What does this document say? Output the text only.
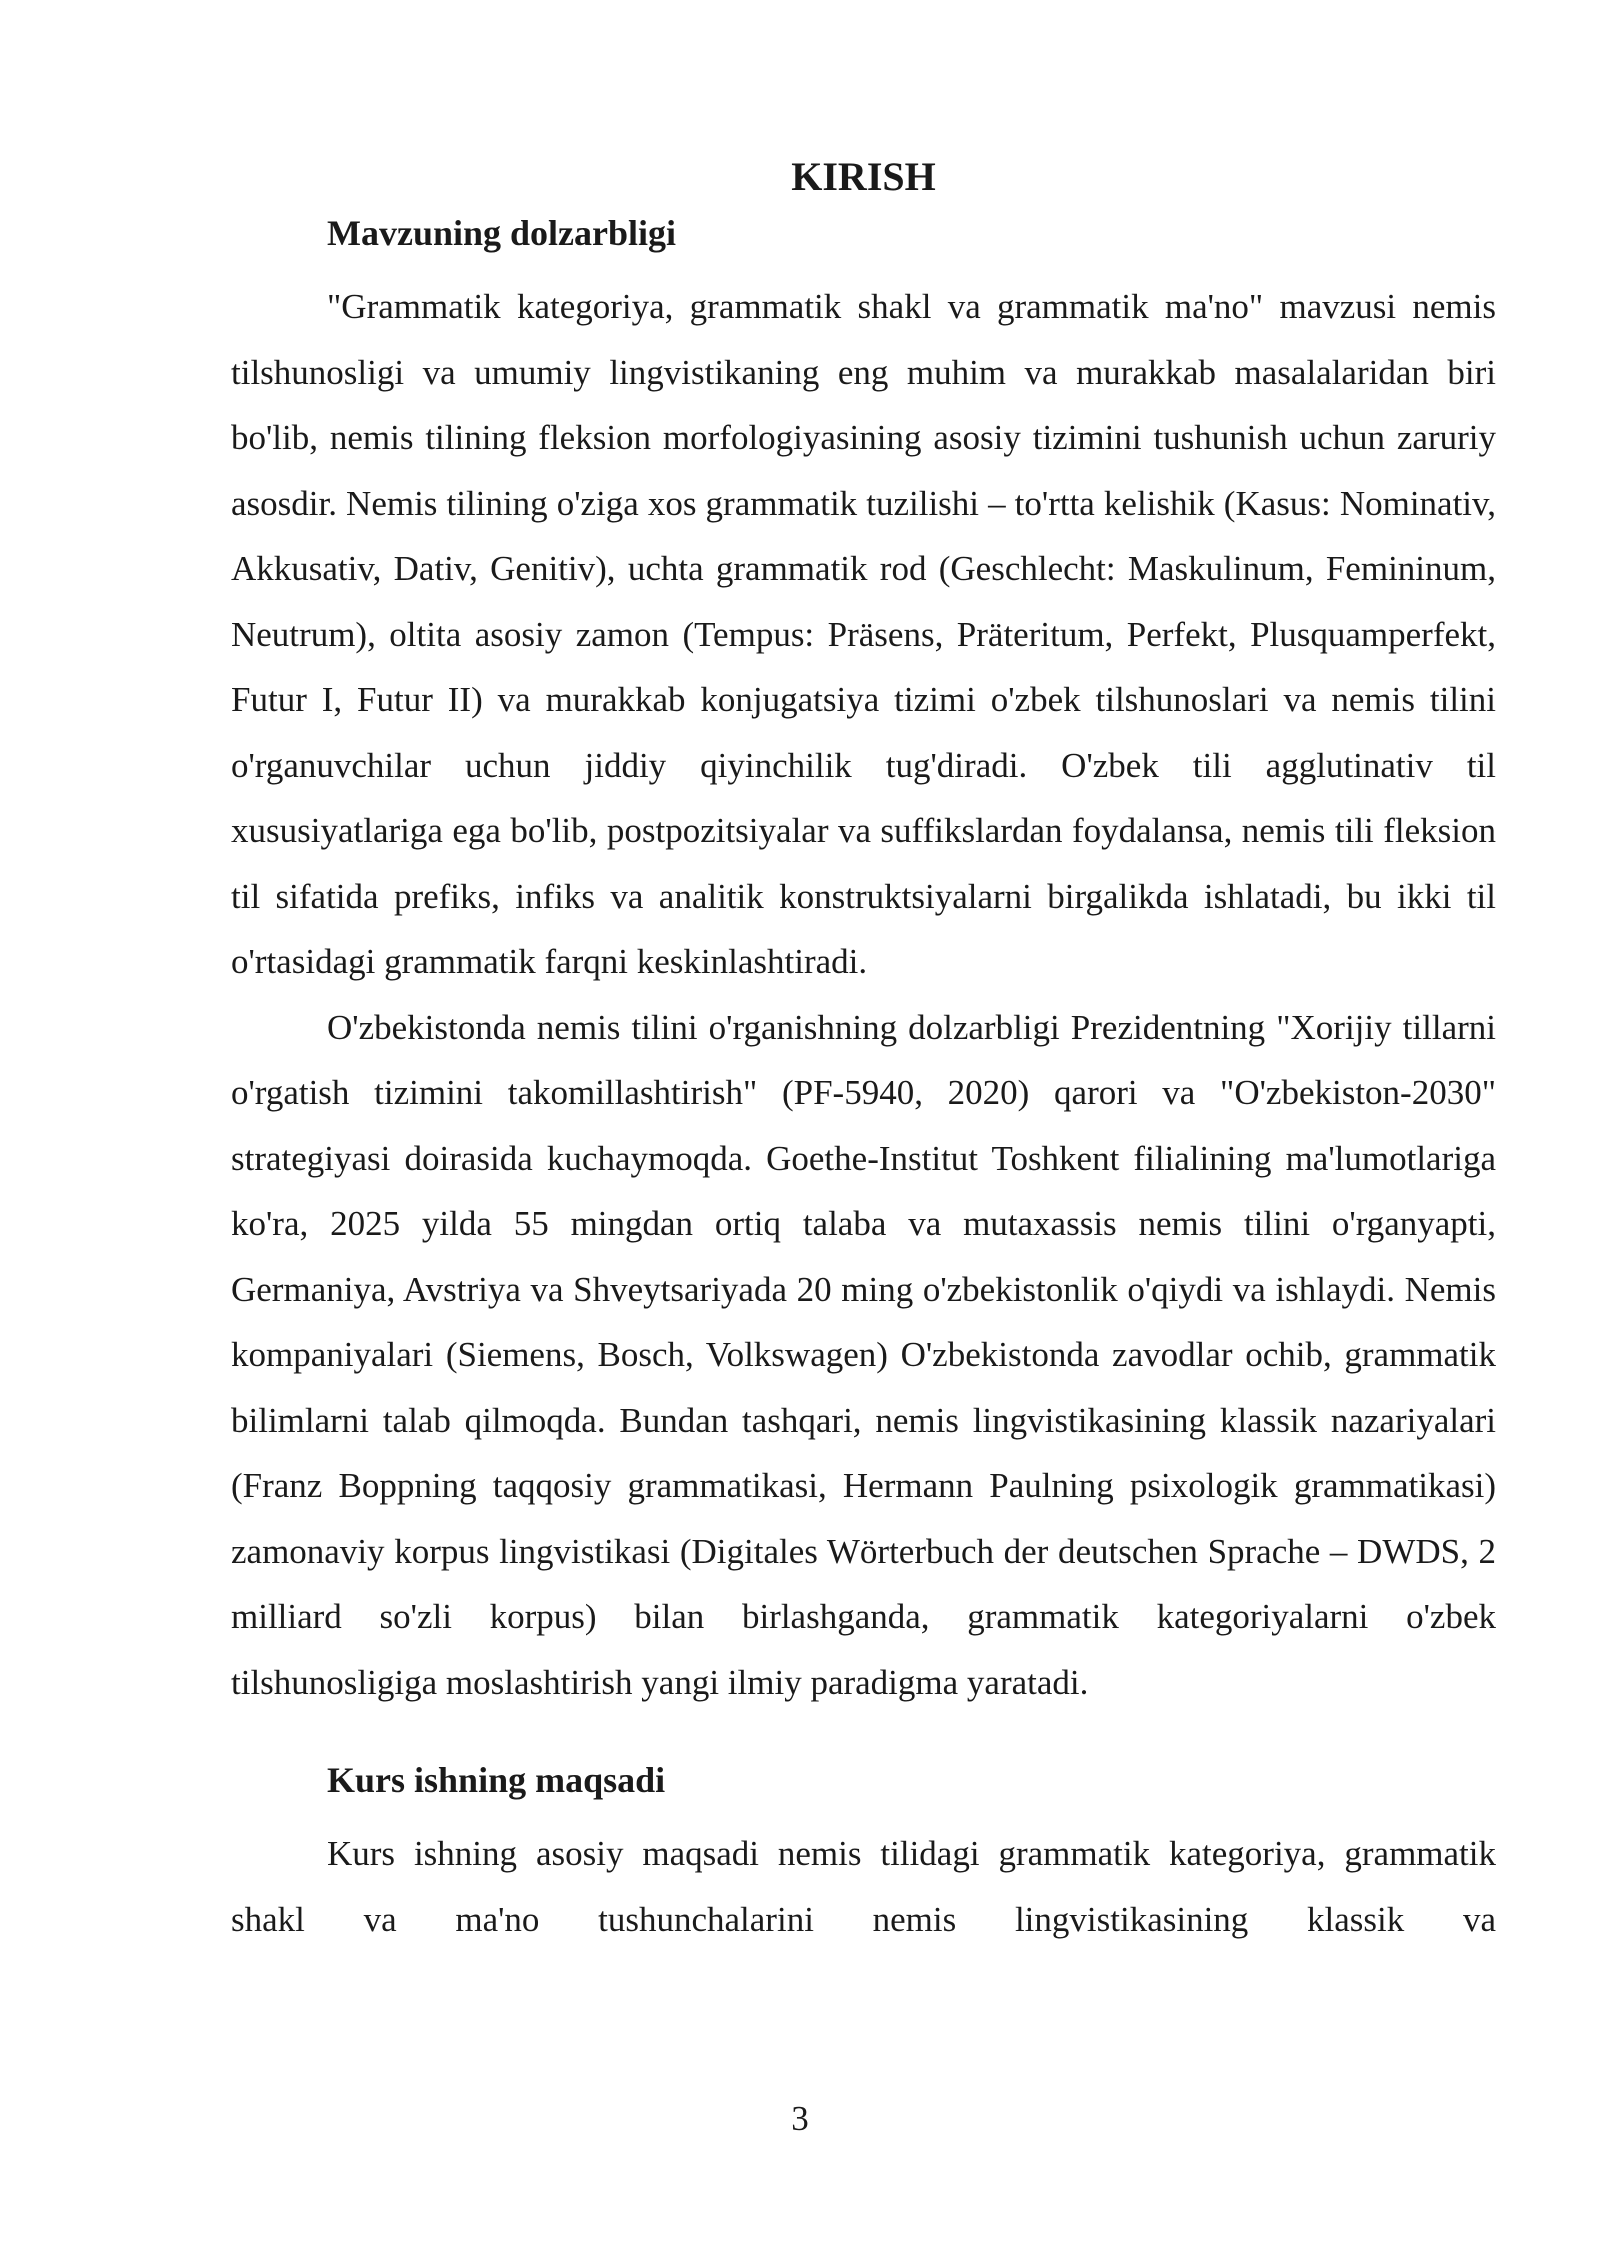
KIRISH
Mavzuning dolzarbligi

"Grammatik kategoriya, grammatik shakl va grammatik ma'no" mavzusi nemis tilshunosligi va umumiy lingvistikaning eng muhim va murakkab masalalaridan biri bo'lib, nemis tilining fleksion morfologiyasining asosiy tizimini tushunish uchun zaruriy asosdir. Nemis tilining o'ziga xos grammatik tuzilishi – to'rtta kelishik (Kasus: Nominativ, Akkusativ, Dativ, Genitiv), uchta grammatik rod (Geschlecht: Maskulinum, Femininum, Neutrum), oltita asosiy zamon (Tempus: Präsens, Präteritum, Perfekt, Plusquamperfekt, Futur I, Futur II) va murakkab konjugatsiya tizimi o'zbek tilshunoslari va nemis tilini o'rganuvchilar uchun jiddiy qiyinchilik tug'diradi. O'zbek tili agglutinativ til xususiyatlariga ega bo'lib, postpozitsiyalar va suffikslardan foydalansa, nemis tili fleksion til sifatida prefiks, infiks va analitik konstruktsiyalarni birgalikda ishlatadi, bu ikki til o'rtasidagi grammatik farqni keskinlashtiradi.

O'zbekistonda nemis tilini o'rganishning dolzarbligi Prezidentning "Xorijiy tillarni o'rgatish tizimini takomillashtirish" (PF-5940, 2020) qarori va "O'zbekiston-2030" strategiyasi doirasida kuchaymoqda. Goethe-Institut Toshkent filialining ma'lumotlariga ko'ra, 2025 yilda 55 mingdan ortiq talaba va mutaxassis nemis tilini o'rganyapti, Germaniya, Avstriya va Shveytsariyada 20 ming o'zbekistonlik o'qiydi va ishlaydi. Nemis kompaniyalari (Siemens, Bosch, Volkswagen) O'zbekistonda zavodlar ochib, grammatik bilimlarni talab qilmoqda. Bundan tashqari, nemis lingvistikasining klassik nazariyalari (Franz Boppning taqqosiy grammatikasi, Hermann Paulning psixologik grammatikasi) zamonaviy korpus lingvistikasi (Digitales Wörterbuch der deutschen Sprache – DWDS, 2 milliard so'zli korpus) bilan birlashganda, grammatik kategoriyalarni o'zbek tilshunosligiga moslashtirish yangi ilmiy paradigma yaratadi.

Kurs ishning maqsadi

Kurs ishning asosiy maqsadi nemis tilidagi grammatik kategoriya, grammatik shakl va ma'no tushunchalarini nemis lingvistikasining klassik va

3
